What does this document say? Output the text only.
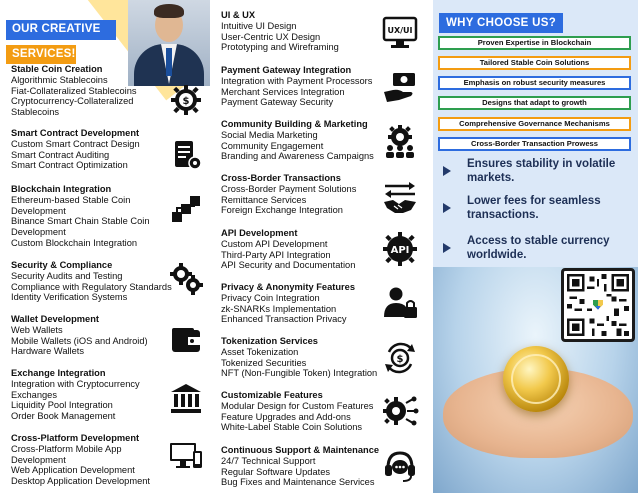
OUR CREATIVE
SERVICES!
Stable Coin Creation
Algorithmic Stablecoins
Fiat-Collateralized Stablecoins
Cryptocurrency-Collateralized
Stablecoins
Smart Contract Development
Custom Smart Contract Design
Smart Contract Auditing
Smart Contract Optimization
Blockchain Integration
Ethereum-based Stable Coin
Development
Binance Smart Chain Stable Coin
Development
Custom Blockchain Integration
Security & Compliance
Security Audits and Testing
Compliance with Regulatory Standards
Identity Verification Systems
Wallet Development
Web Wallets
Mobile Wallets (iOS and Android)
Hardware Wallets
Exchange Integration
Integration with Cryptocurrency
Exchanges
Liquidity Pool Integration
Order Book Management
Cross-Platform Development
Cross-Platform Mobile App
Development
Web Application Development
Desktop Application Development
$
UI & UX
Intuitive UI Design
User-Centric UX Design
Prototyping and Wireframing
Payment Gateway Integration
Integration with Payment Processors
Merchant Services Integration
Payment Gateway Security
Community Building & Marketing
Social Media Marketing
Community Engagement
Branding and Awareness Campaigns
Cross-Border Transactions
Cross-Border Payment Solutions
Remittance Services
Foreign Exchange Integration
API Development
Custom API Development
Third-Party API Integration
API Security and Documentation
Privacy & Anonymity Features
Privacy Coin Integration
zk-SNARKs Implementation
Enhanced Transaction Privacy
Tokenization Services
Asset Tokenization
Tokenized Securities
NFT (Non-Fungible Token) Integration
Customizable Features
Modular Design for Custom Features
Feature Upgrades and Add-ons
White-Label Stable Coin Solutions
Continuous Support & Maintenance
24/7 Technical Support
Regular Software Updates
Bug Fixes and Maintenance Services
UX/UI
API
$
WHY CHOOSE US?
Proven Expertise in Blockchain
Tailored Stable Coin Solutions
Emphasis on robust security measures
Designs that adapt to growth
Comprehensive Governance Mechanisms
Cross-Border Transaction Prowess
Ensures stability in volatile markets.
Lower fees for seamless transactions.
Access to stable currency worldwide.
